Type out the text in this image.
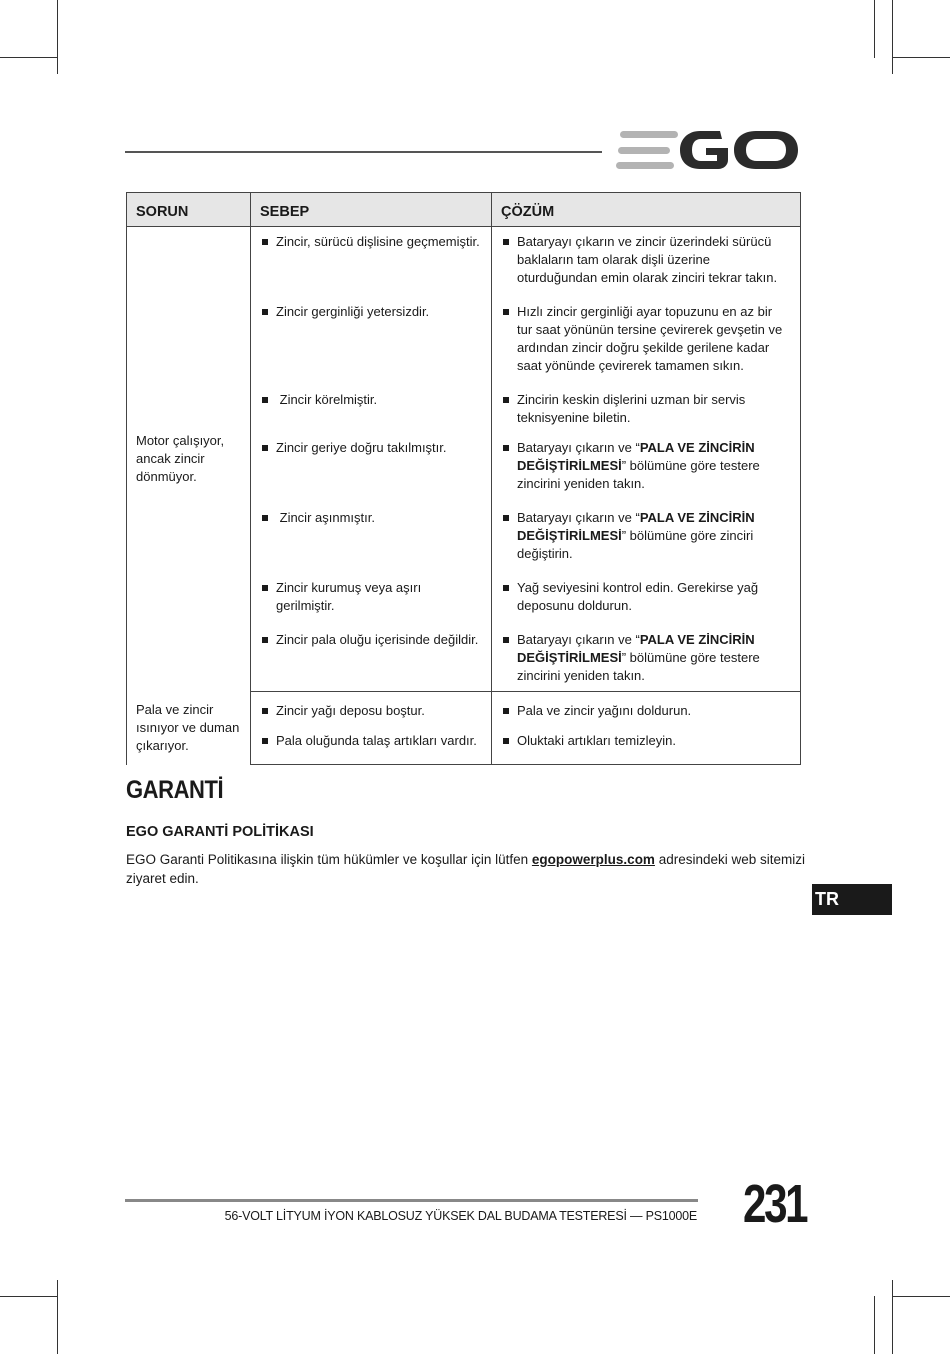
SORUN	SEBEP	ÇÖZÜM
Motor çalışıyor, ancak zincir dönmüyor.	Zincir, sürücü dişlisine geçmemiştir.	Bataryayı çıkarın ve zincir üzerindeki sürücü baklaların tam olarak dişli üzerine oturduğundan emin olarak zinciri tekrar takın.

	Zincir gerginliği yetersizdir.	Hızlı zincir gerginliği ayar topuzunu en az bir tur saat yönünün tersine çevirerek gevşetin ve ardından zincir doğru şekilde gerilene kadar saat yönünde çevirerek tamamen sıkın.

	Zincir körelmiştir.	Zincirin keskin dişlerini uzman bir servis teknisyenine biletin.

	Zincir geriye doğru takılmıştır.	Bataryayı çıkarın ve “PALA VE ZİNCİRİN DEĞİŞTİRİLMESİ” bölümüne göre testere zincirini yeniden takın.

	Zincir aşınmıştır.	Bataryayı çıkarın ve “PALA VE ZİNCİRİN DEĞİŞTİRİLMESİ” bölümüne göre zinciri değiştirin.

	Zincir kurumuş veya aşırı gerilmiştir.	Yağ seviyesini kontrol edin. Gerekirse yağ deposunu doldurun.

	Zincir pala oluğu içerisinde değildir.	Bataryayı çıkarın ve “PALA VE ZİNCİRİN DEĞİŞTİRİLMESİ” bölümüne göre testere zincirini yeniden takın.

Pala ve zincir ısınıyor ve duman çıkarıyor.	Zincir yağı deposu boştur.	Pala ve zincir yağını doldurun.

	Pala oluğunda talaş artıkları vardır.	Oluktaki artıkları temizleyin.
GARANTİ
EGO GARANTİ POLİTİKASI

EGO Garanti Politikasına ilişkin tüm hükümler ve koşullar için lütfen egopowerplus.com adresindeki web sitemizi ziyaret edin.

TR
56-VOLT LİTYUM İYON KABLOSUZ YÜKSEK DAL BUDAMA TESTERESİ — PS1000E 231
